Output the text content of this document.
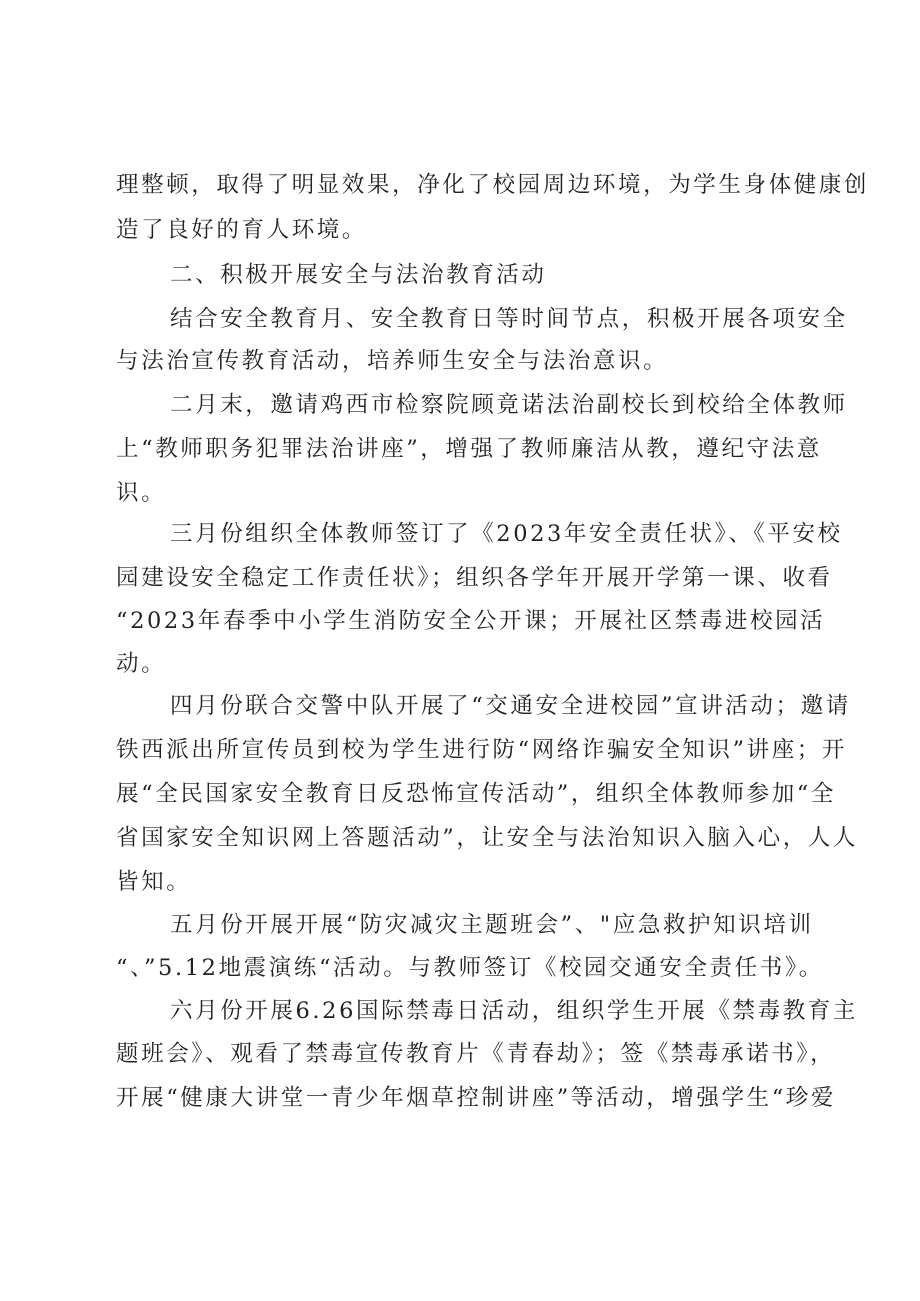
理整顿，取得了明显效果，净化了校园周边环境，为学生身体健康创
造了良好的育人环境。
二、积极开展安全与法治教育活动
结合安全教育月、安全教育日等时间节点，积极开展各项安全
与法治宣传教育活动，培养师生安全与法治意识。
二月末，邀请鸡西市检察院顾竟诺法治副校长到校给全体教师
上“教师职务犯罪法治讲座”，增强了教师廉洁从教，遵纪守法意
识。
三月份组织全体教师签订了《2023年安全责任状》、《平安校
园建设安全稳定工作责任状》；组织各学年开展开学第一课、收看
“2023年春季中小学生消防安全公开课；开展社区禁毒进校园活
动。
四月份联合交警中队开展了“交通安全进校园”宣讲活动；邀请
铁西派出所宣传员到校为学生进行防“网络诈骗安全知识”讲座；开
展“全民国家安全教育日反恐怖宣传活动”，组织全体教师参加“全
省国家安全知识网上答题活动”，让安全与法治知识入脑入心，人人
皆知。
五月份开展开展“防灾减灾主题班会”、"应急救护知识培训
“、”5.12地震演练“活动。与教师签订《校园交通安全责任书》。
六月份开展6.26国际禁毒日活动，组织学生开展《禁毒教育主
题班会》、观看了禁毒宣传教育片《青春劫》；签《禁毒承诺书》，
开展“健康大讲堂一青少年烟草控制讲座”等活动，增强学生“珍爱
